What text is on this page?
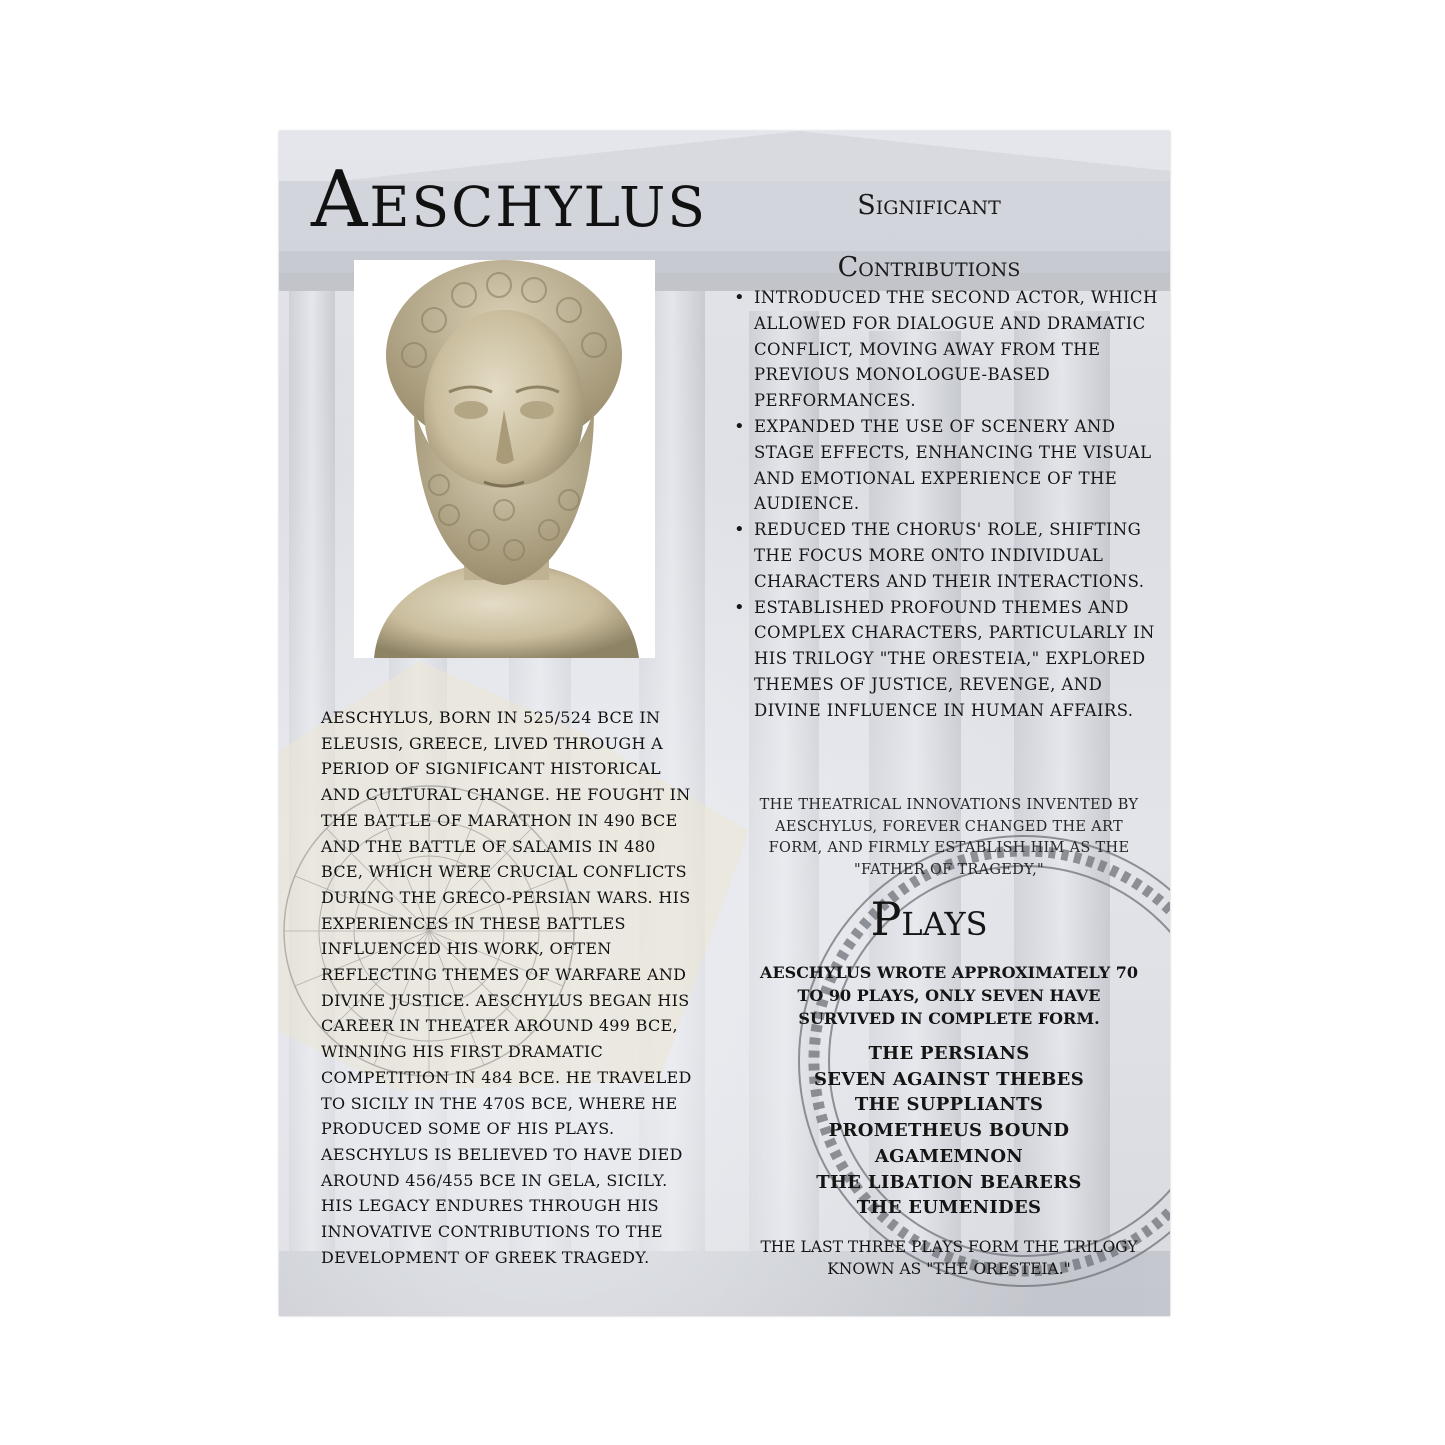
Aeschylus

AESCHYLUS, BORN IN 525/524 BCE IN ELEUSIS, GREECE, LIVED THROUGH A PERIOD OF SIGNIFICANT HISTORICAL AND CULTURAL CHANGE. HE FOUGHT IN THE BATTLE OF MARATHON IN 490 BCE AND THE BATTLE OF SALAMIS IN 480 BCE, WHICH WERE CRUCIAL CONFLICTS DURING THE GRECO-PERSIAN WARS. HIS EXPERIENCES IN THESE BATTLES INFLUENCED HIS WORK, OFTEN REFLECTING THEMES OF WARFARE AND DIVINE JUSTICE. AESCHYLUS BEGAN HIS CAREER IN THEATER AROUND 499 BCE, WINNING HIS FIRST DRAMATIC COMPETITION IN 484 BCE. HE TRAVELED TO SICILY IN THE 470S BCE, WHERE HE PRODUCED SOME OF HIS PLAYS. AESCHYLUS IS BELIEVED TO HAVE DIED AROUND 456/455 BCE IN GELA, SICILY. HIS LEGACY ENDURES THROUGH HIS INNOVATIVE CONTRIBUTIONS TO THE DEVELOPMENT OF GREEK TRAGEDY.

Significant Contributions
• INTRODUCED THE SECOND ACTOR, WHICH ALLOWED FOR DIALOGUE AND DRAMATIC CONFLICT, MOVING AWAY FROM THE PREVIOUS MONOLOGUE-BASED PERFORMANCES.
• EXPANDED THE USE OF SCENERY AND STAGE EFFECTS, ENHANCING THE VISUAL AND EMOTIONAL EXPERIENCE OF THE AUDIENCE.
• REDUCED THE CHORUS' ROLE, SHIFTING THE FOCUS MORE ONTO INDIVIDUAL CHARACTERS AND THEIR INTERACTIONS.
• ESTABLISHED PROFOUND THEMES AND COMPLEX CHARACTERS, PARTICULARLY IN HIS TRILOGY "THE ORESTEIA," EXPLORED THEMES OF JUSTICE, REVENGE, AND DIVINE INFLUENCE IN HUMAN AFFAIRS.

THE THEATRICAL INNOVATIONS INVENTED BY AESCHYLUS, FOREVER CHANGED THE ART FORM, AND FIRMLY ESTABLISH HIM AS THE "FATHER OF TRAGEDY,"

Plays

AESCHYLUS WROTE APPROXIMATELY 70 TO 90 PLAYS, ONLY SEVEN HAVE SURVIVED IN COMPLETE FORM.

THE PERSIANS
SEVEN AGAINST THEBES
THE SUPPLIANTS
PROMETHEUS BOUND
AGAMEMNON
THE LIBATION BEARERS
THE EUMENIDES

THE LAST THREE PLAYS FORM THE TRILOGY KNOWN AS "THE ORESTEIA."
